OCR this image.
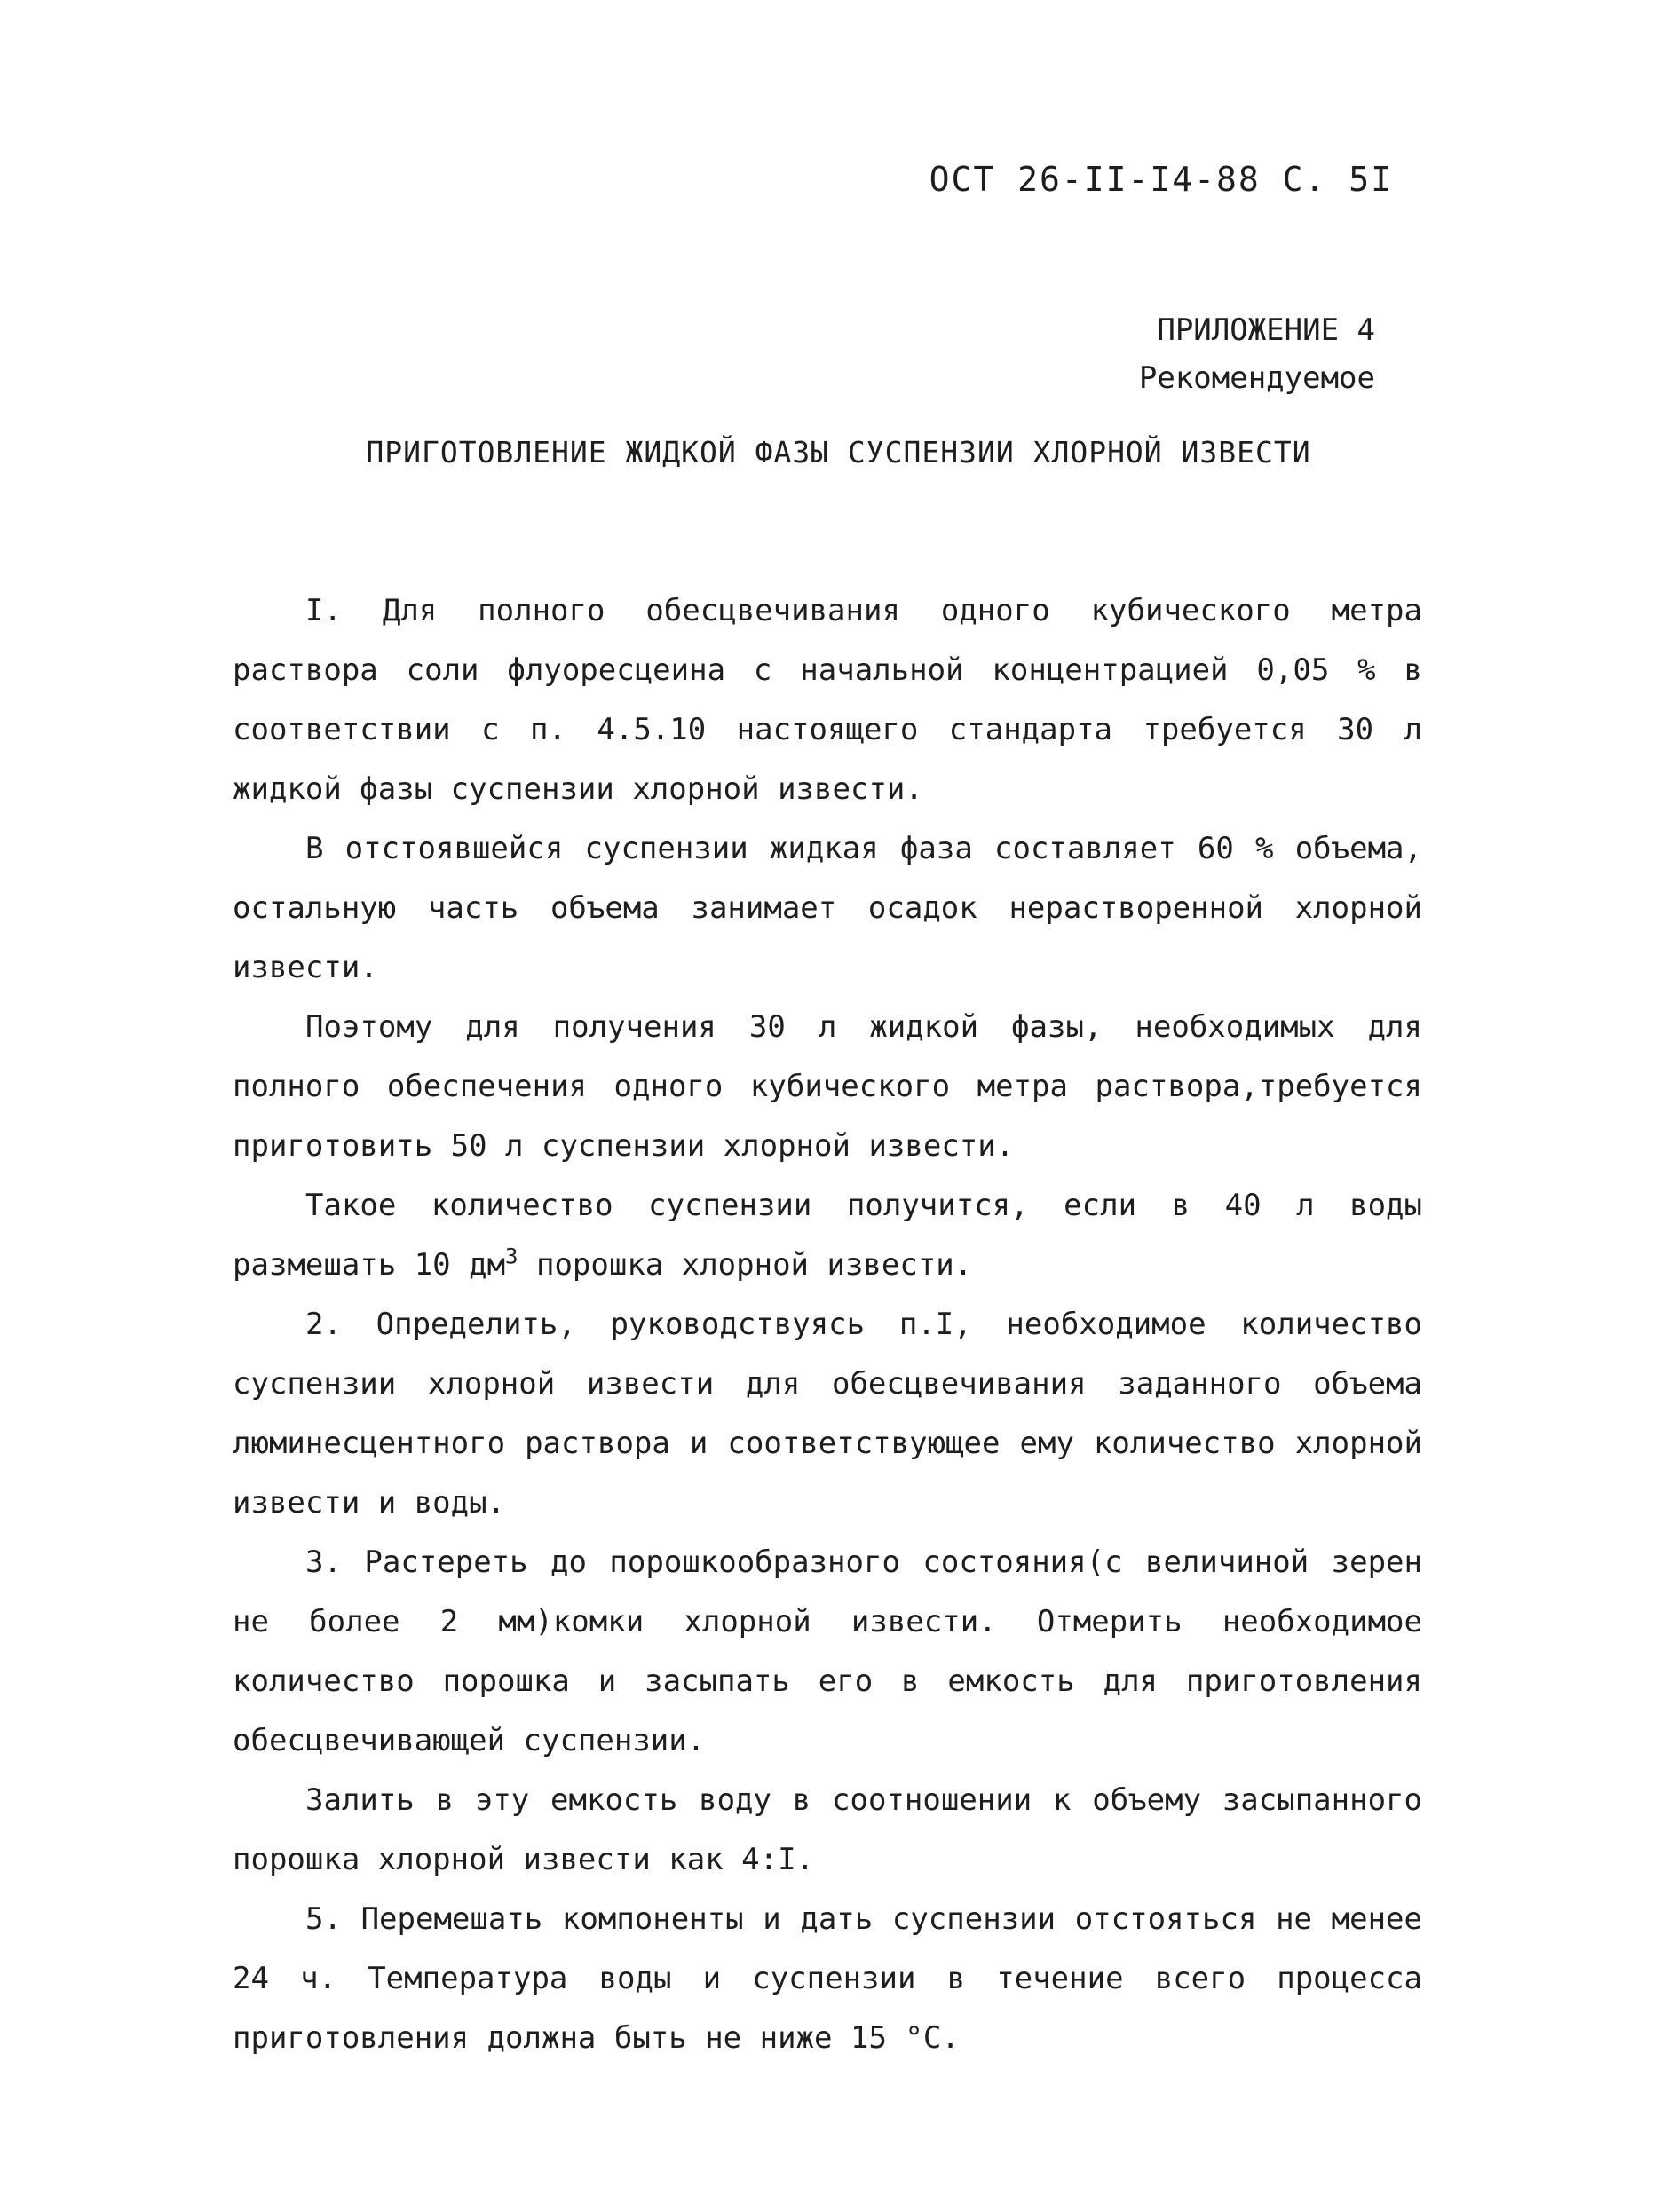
ОСТ 26-II-I4-88 С. 5I
ПРИЛОЖЕНИЕ 4
Рекомендуемое
ПРИГОТОВЛЕНИЕ ЖИДКОЙ ФАЗЫ СУСПЕНЗИИ ХЛОРНОЙ ИЗВЕСТИ

I. Для полного обесцвечивания одного кубического метра раствора соли флуоресцеина с начальной концентрацией 0,05 % в соответствии с п. 4.5.10 настоящего стандарта требуется 30 л жидкой фазы суспензии хлорной извести.

В отстоявшейся суспензии жидкая фаза составляет 60 % объема, остальную часть объема занимает осадок нерастворенной хлорной извести.

Поэтому для получения 30 л жидкой фазы, необходимых для полного обеспечения одного кубического метра раствора,требуется приготовить 50 л суспензии хлорной извести.

Такое количество суспензии получится, если в 40 л воды размешать 10 $дм^3$ порошка хлорной извести.

2. Определить, руководствуясь п.I, необходимое количество суспензии хлорной извести для обесцвечивания заданного объема люминесцентного раствора и соответствующее ему количество хлорной извести и воды.

3. Растереть до порошкообразного состояния(с величиной зерен не более 2 мм)комки хлорной извести. Отмерить необходимое количество порошка и засыпать его в емкость для приготовления обесцвечивающей суспензии.

Залить в эту емкость воду в соотношении к объему засыпанного порошка хлорной извести как 4:I.

5. Перемешать компоненты и дать суспензии отстояться не менее 24 ч. Температура воды и суспензии в течение всего процесса приготовления должна быть не ниже 15 °С.
